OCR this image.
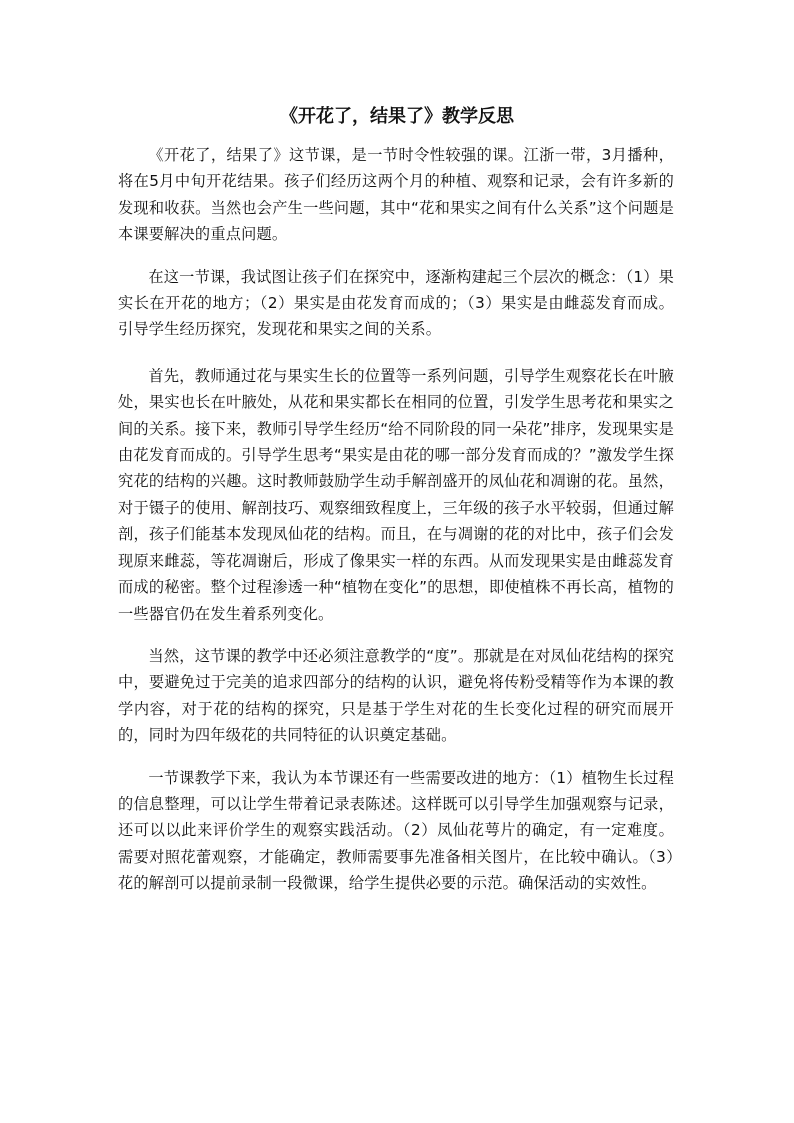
《开花了，结果了》教学反思

《开花了，结果了》这节课，是一节时令性较强的课。江浙一带，3月播种，将在5月中旬开花结果。孩子们经历这两个月的种植、观察和记录，会有许多新的发现和收获。当然也会产生一些问题，其中“花和果实之间有什么关系”这个问题是本课要解决的重点问题。

在这一节课，我试图让孩子们在探究中，逐渐构建起三个层次的概念：（1）果实长在开花的地方；（2）果实是由花发育而成的；（3）果实是由雌蕊发育而成。引导学生经历探究，发现花和果实之间的关系。

首先，教师通过花与果实生长的位置等一系列问题，引导学生观察花长在叶腋处，果实也长在叶腋处，从花和果实都长在相同的位置，引发学生思考花和果实之间的关系。接下来，教师引导学生经历“给不同阶段的同一朵花”排序，发现果实是由花发育而成的。引导学生思考“果实是由花的哪一部分发育而成的？”激发学生探究花的结构的兴趣。这时教师鼓励学生动手解剖盛开的凤仙花和凋谢的花。虽然，对于镊子的使用、解剖技巧、观察细致程度上，三年级的孩子水平较弱，但通过解剖，孩子们能基本发现凤仙花的结构。而且，在与凋谢的花的对比中，孩子们会发现原来雌蕊，等花凋谢后，形成了像果实一样的东西。从而发现果实是由雌蕊发育而成的秘密。整个过程渗透一种“植物在变化”的思想，即使植株不再长高，植物的一些器官仍在发生着系列变化。

当然，这节课的教学中还必须注意教学的“度”。那就是在对凤仙花结构的探究中，要避免过于完美的追求四部分的结构的认识，避免将传粉受精等作为本课的教学内容，对于花的结构的探究，只是基于学生对花的生长变化过程的研究而展开的，同时为四年级花的共同特征的认识奠定基础。

一节课教学下来，我认为本节课还有一些需要改进的地方：（1）植物生长过程的信息整理，可以让学生带着记录表陈述。这样既可以引导学生加强观察与记录，还可以以此来评价学生的观察实践活动。（2）凤仙花萼片的确定，有一定难度。需要对照花蕾观察，才能确定，教师需要事先准备相关图片，在比较中确认。（3）花的解剖可以提前录制一段微课，给学生提供必要的示范。确保活动的实效性。
